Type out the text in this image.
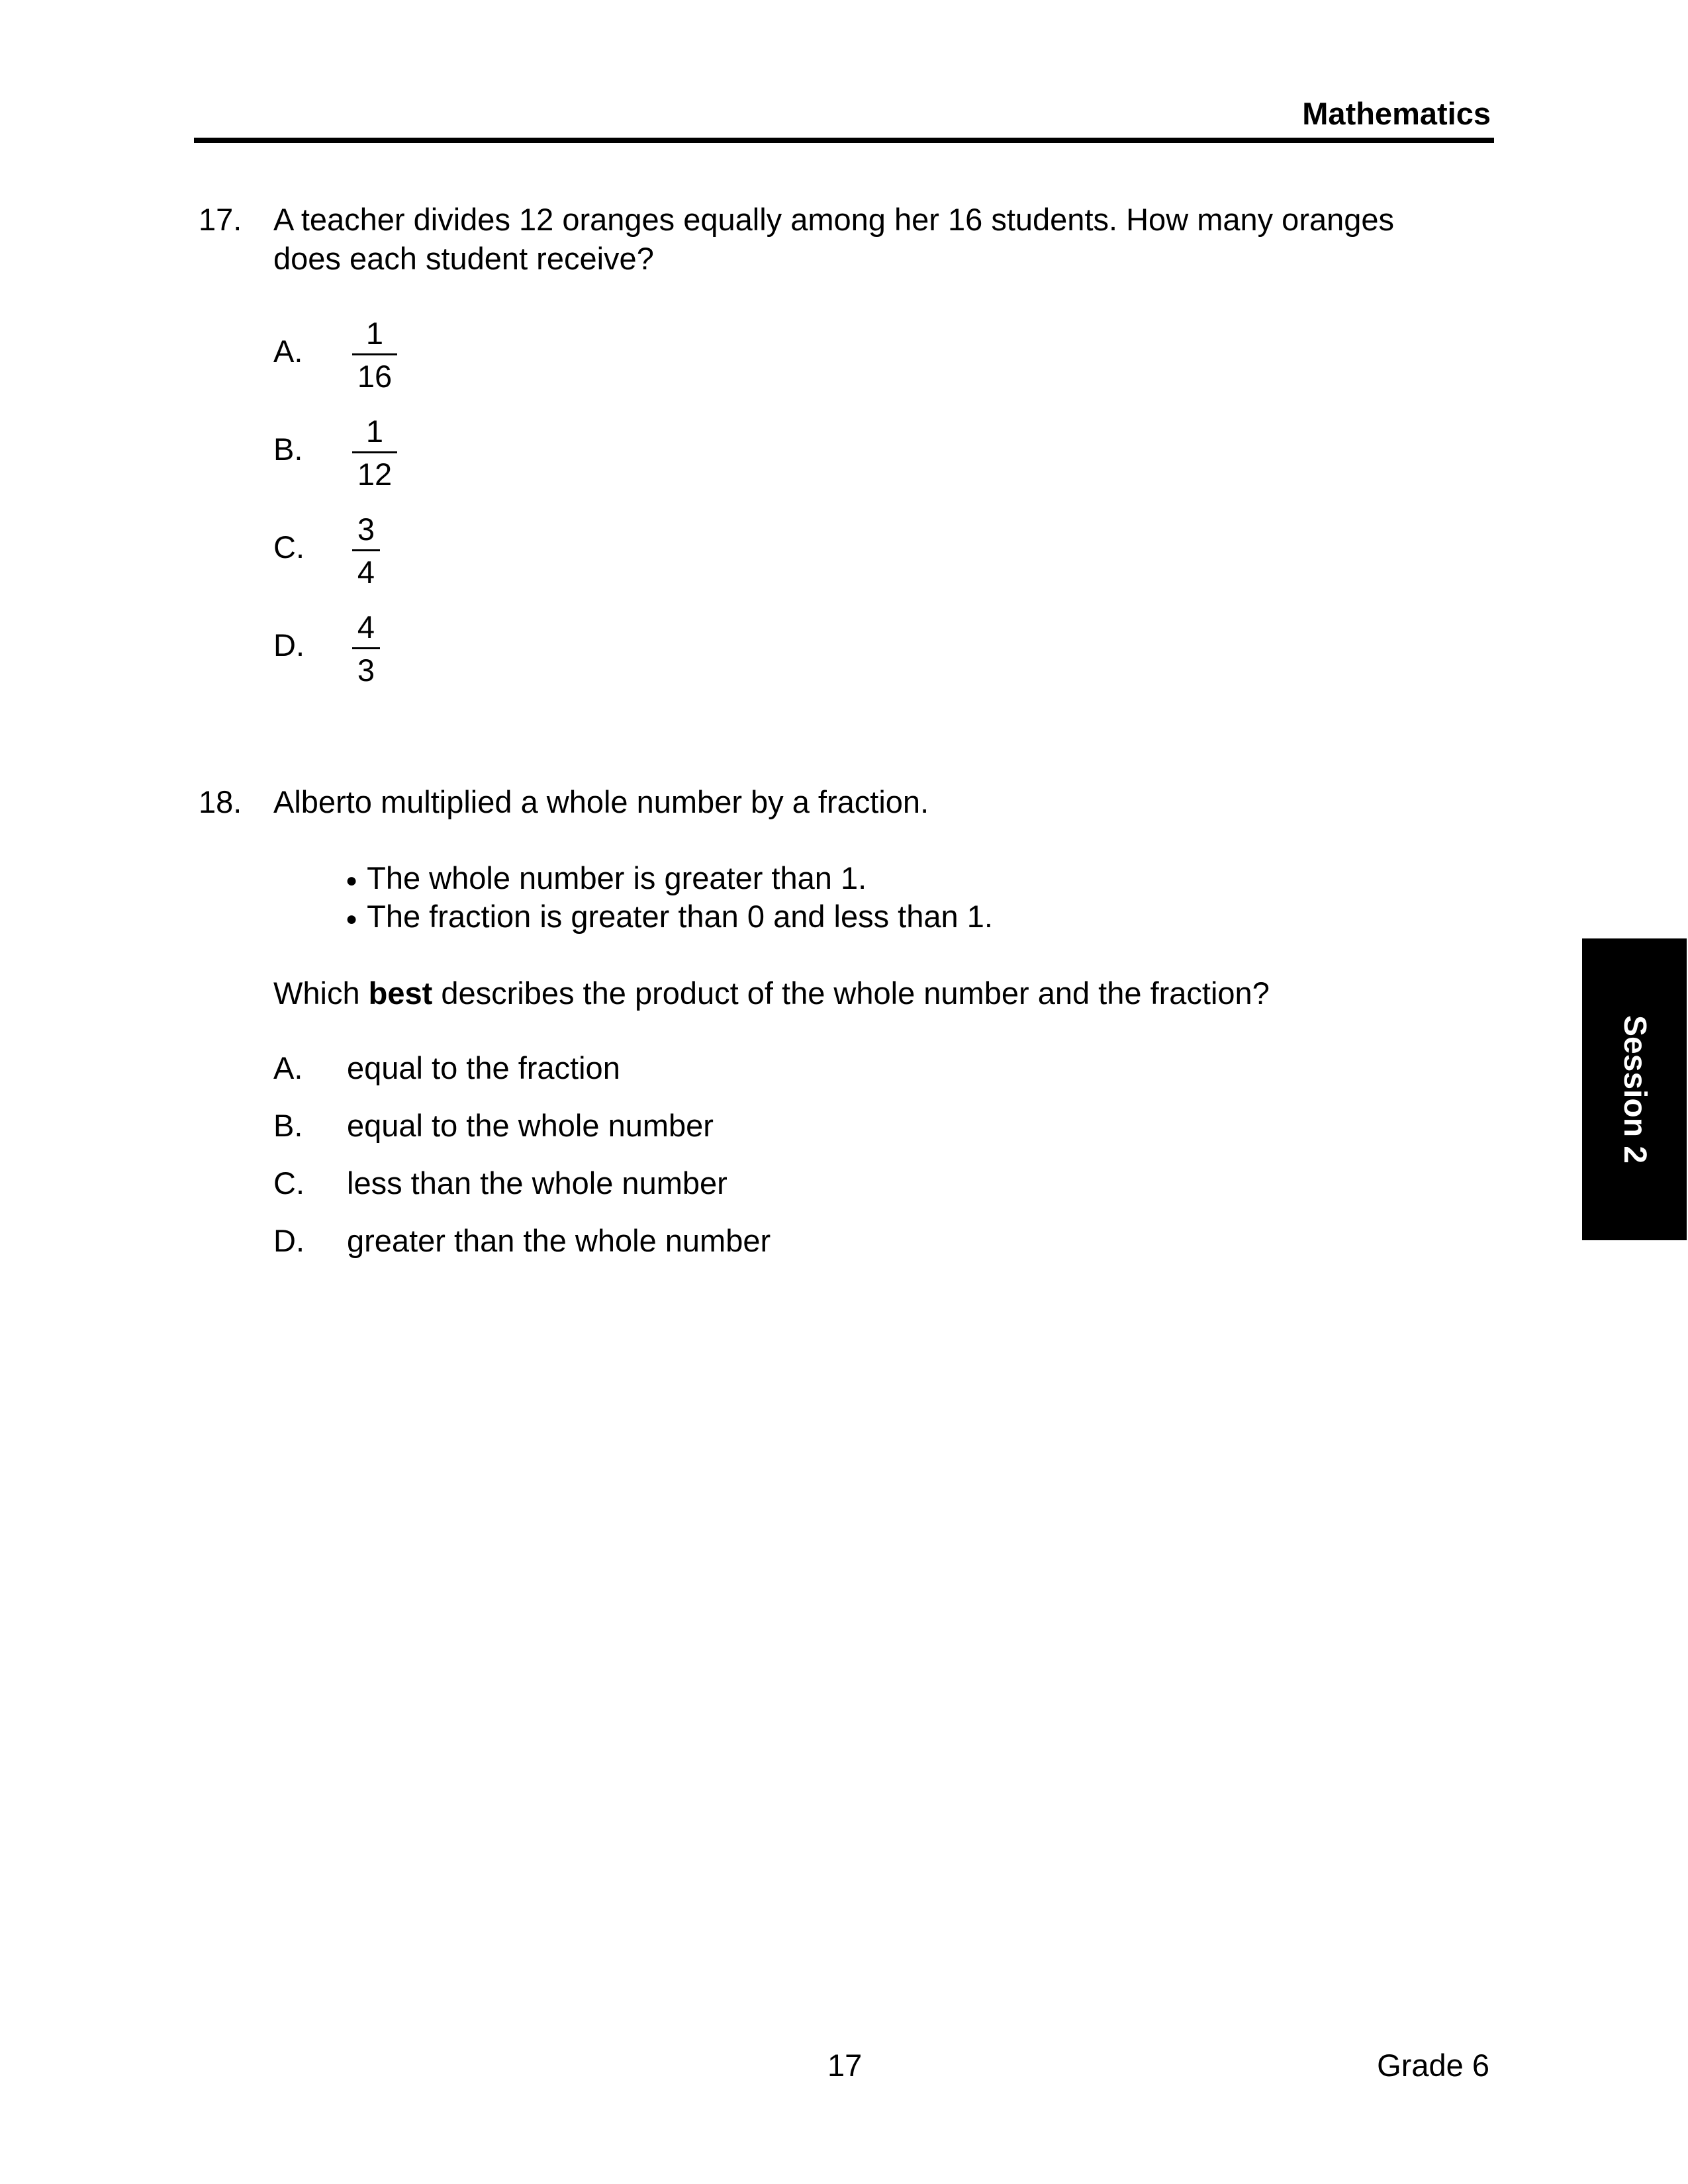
Mathematics
17. A teacher divides 12 oranges equally among her 16 students. How many oranges
does each student receive?
A.
1
16
B.
1
12
C.
3
4
D.
4
3
18. Alberto multiplied a whole number by a fraction.
● The whole number is greater than 1.
● The fraction is greater than 0 and less than 1.
Which best describes the product of the whole number and the fraction?
A. equal to the fraction
B. equal to the whole number
C. less than the whole number
D. greater than the whole number
Session 2
17	Grade 6
